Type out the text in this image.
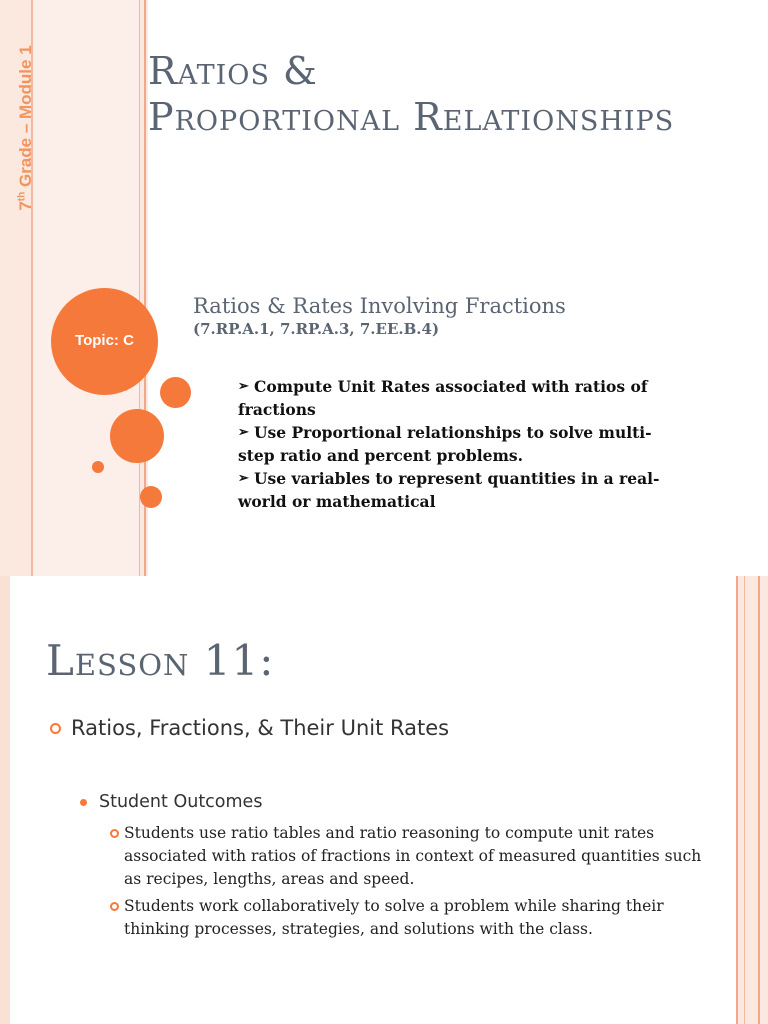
7th Grade – Module 1	Ratios &
Proportional Relationships
Topic: C
Ratios & Rates Involving Fractions
(7.RP.A.1, 7.RP.A.3, 7.EE.B.4)
➢ Compute Unit Rates associated with ratios of
fractions
➢ Use Proportional relationships to solve multi-
step ratio and percent problems.
➢ Use variables to represent quantities in a real-
world or mathematical
Lesson 11:
Ratios, Fractions, & Their Unit Rates
Student Outcomes
Students use ratio tables and ratio reasoning to compute unit rates associated with ratios of fractions in context of measured quantities such as recipes, lengths, areas and speed.
Students work collaboratively to solve a problem while sharing their thinking processes, strategies, and solutions with the class.
